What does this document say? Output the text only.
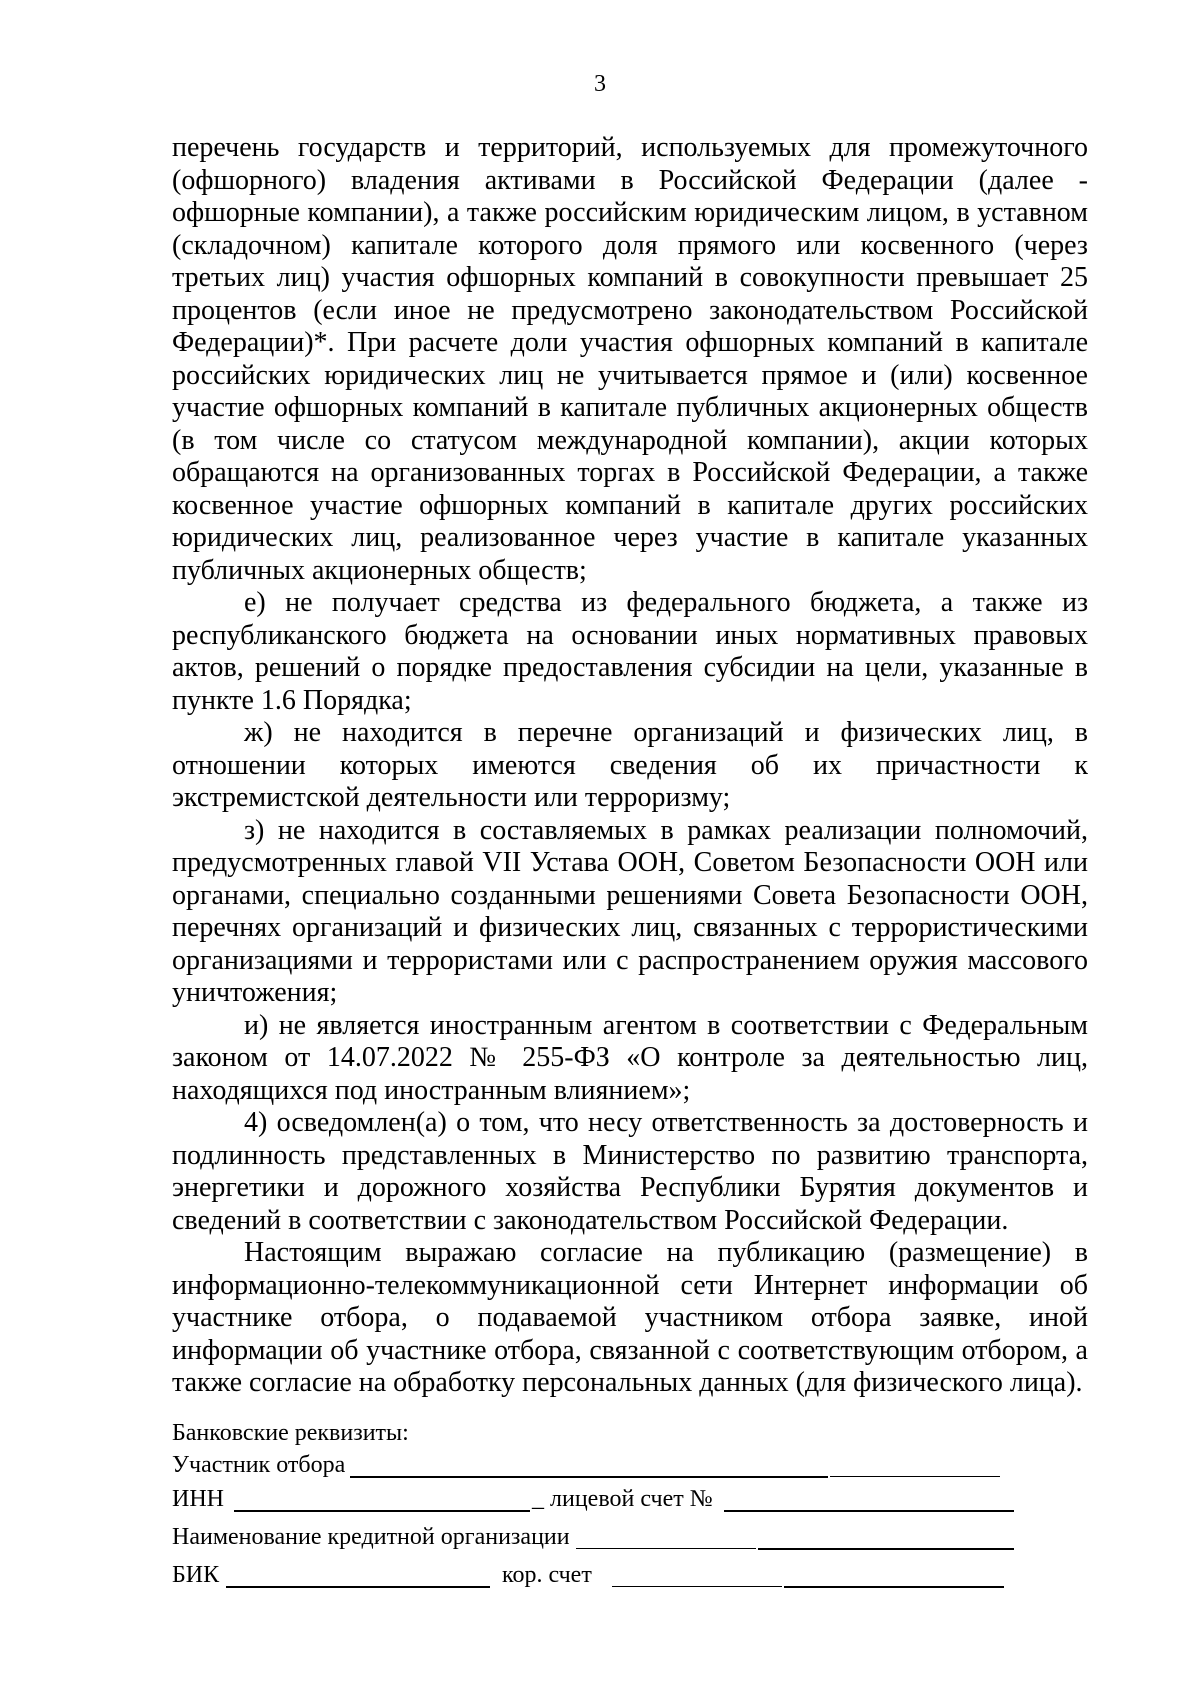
3

перечень государств и территорий, используемых для промежуточного (офшорного) владения активами в Российской Федерации (далее - офшорные компании), а также российским юридическим лицом, в уставном (складочном) капитале которого доля прямого или косвенного (через третьих лиц) участия офшорных компаний в совокупности превышает 25 процентов (если иное не предусмотрено законодательством Российской Федерации)*. При расчете доли участия офшорных компаний в капитале российских юридических лиц не учитывается прямое и (или) косвенное участие офшорных компаний в капитале публичных акционерных обществ (в том числе со статусом международной компании), акции которых обращаются на организованных торгах в Российской Федерации, а также косвенное участие офшорных компаний в капитале других российских юридических лиц, реализованное через участие в капитале указанных публичных акционерных обществ;

е) не получает средства из федерального бюджета, а также из республиканского бюджета на основании иных нормативных правовых актов, решений о порядке предоставления субсидии на цели, указанные в пункте 1.6 Порядка;

ж) не находится в перечне организаций и физических лиц, в отношении которых имеются сведения об их причастности к экстремистской деятельности или терроризму;

з) не находится в составляемых в рамках реализации полномочий, предусмотренных главой VII Устава ООН, Советом Безопасности ООН или органами, специально созданными решениями Совета Безопасности ООН, перечнях организаций и физических лиц, связанных с террористическими организациями и террористами или с распространением оружия массового уничтожения;

и) не является иностранным агентом в соответствии с Федеральным законом от 14.07.2022 № 255-ФЗ «О контроле за деятельностью лиц, находящихся под иностранным влиянием»;

4) осведомлен(а) о том, что несу ответственность за достоверность и подлинность представленных в Министерство по развитию транспорта, энергетики и дорожного хозяйства Республики Бурятия документов и сведений в соответствии с законодательством Российской Федерации.

Настоящим выражаю согласие на публикацию (размещение) в информационно-телекоммуникационной сети Интернет информации об участнике отбора, о подаваемой участником отбора заявке, иной информации об участнике отбора, связанной с соответствующим отбором, а также согласие на обработку персональных данных (для физического лица).

Банковские реквизиты:
Участник отбора
ИНН	_ лицевой счет №
Наименование кредитной организации
БИК	кор. счет
